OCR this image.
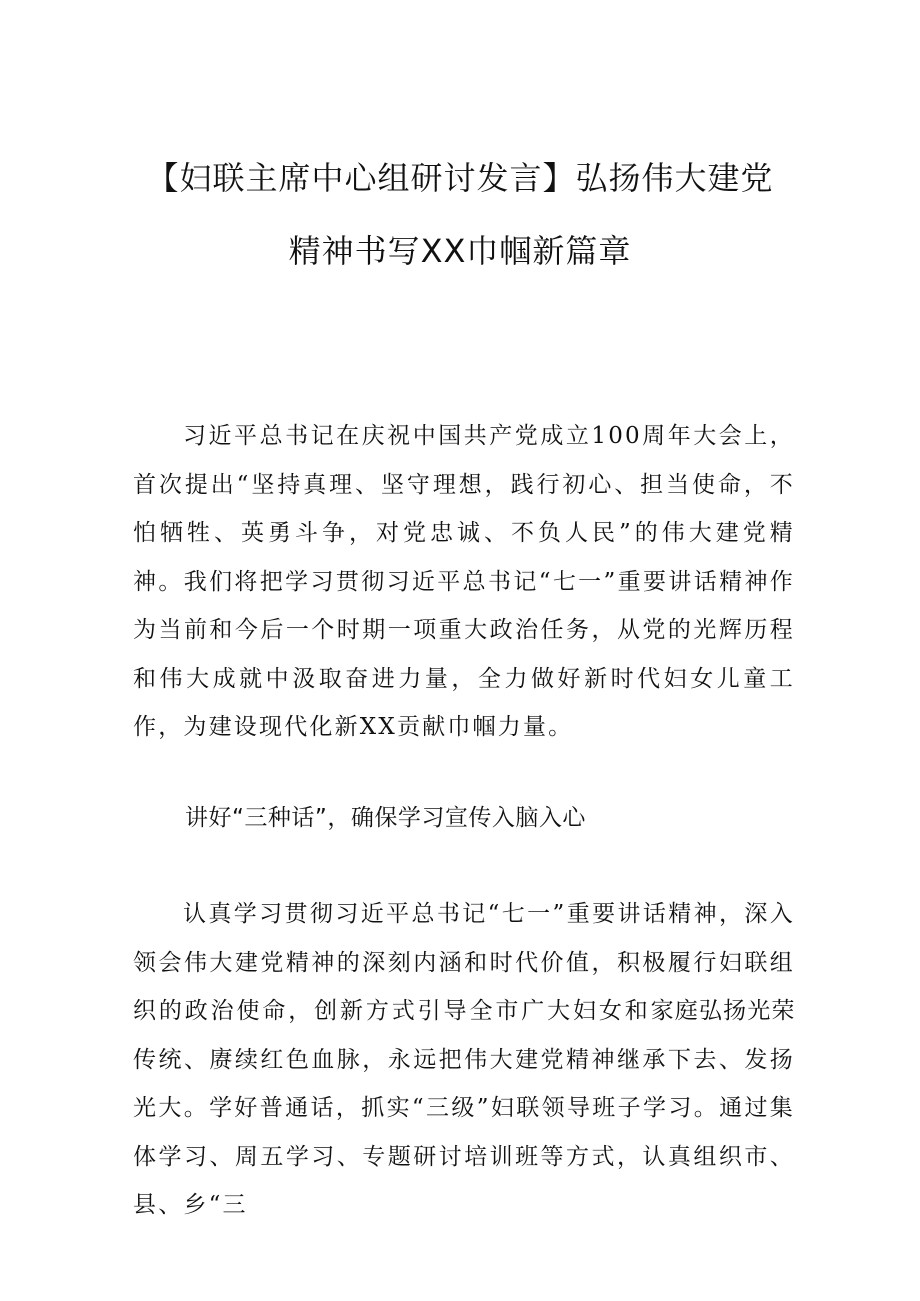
【妇联主席中心组研讨发言】弘扬伟大建党
精神书写XX巾帼新篇章

习近平总书记在庆祝中国共产党成立100周年大会上，首次提出“坚持真理、坚守理想，践行初心、担当使命，不怕牺牲、英勇斗争，对党忠诚、不负人民”的伟大建党精神。我们将把学习贯彻习近平总书记“七一”重要讲话精神作为当前和今后一个时期一项重大政治任务，从党的光辉历程和伟大成就中汲取奋进力量，全力做好新时代妇女儿童工作，为建设现代化新XX贡献巾帼力量。

讲好“三种话”，确保学习宣传入脑入心

认真学习贯彻习近平总书记“七一”重要讲话精神，深入领会伟大建党精神的深刻内涵和时代价值，积极履行妇联组织的政治使命，创新方式引导全市广大妇女和家庭弘扬光荣传统、赓续红色血脉，永远把伟大建党精神继承下去、发扬光大。学好普通话，抓实“三级”妇联领导班子学习。通过集体学习、周五学习、专题研讨培训班等方式，认真组织市、县、乡“三
